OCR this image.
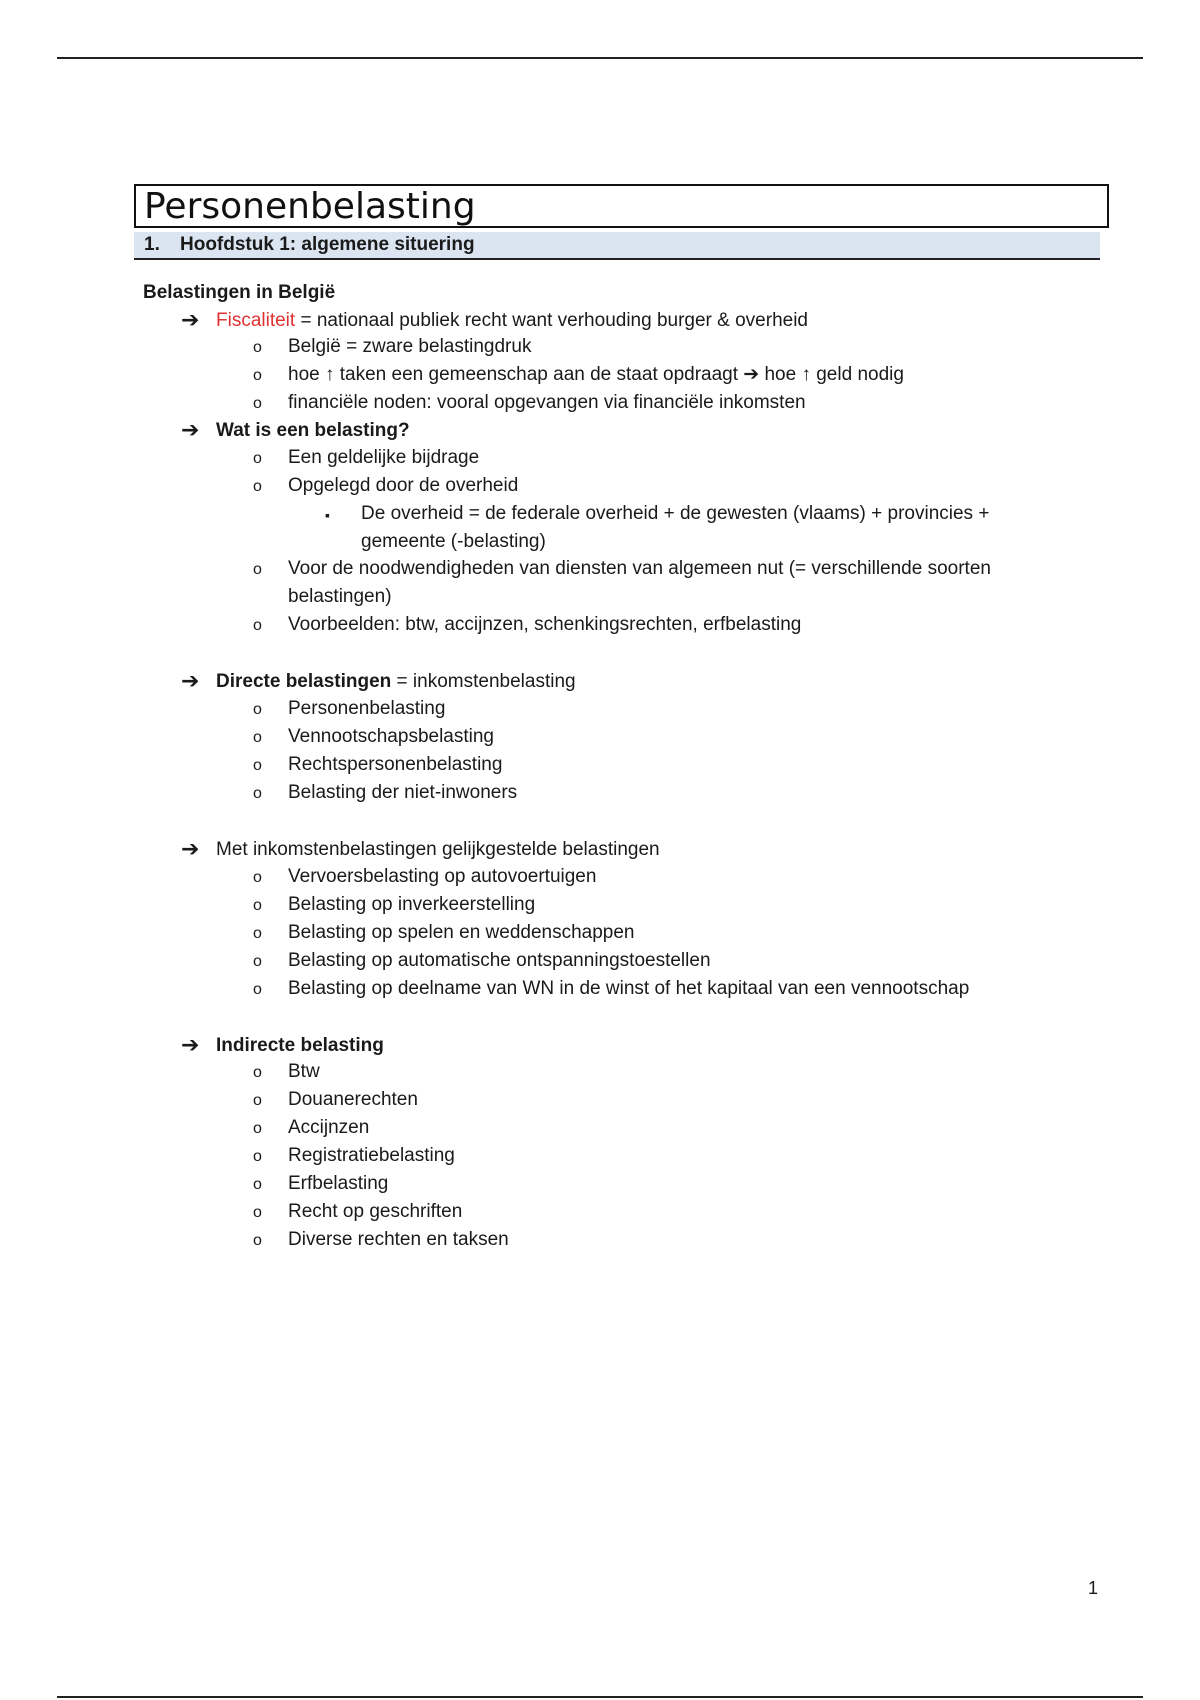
Personenbelasting
1. Hoofdstuk 1: algemene situering
Belastingen in België
➔ Fiscaliteit = nationaal publiek recht want verhouding burger & overheid
o België = zware belastingdruk
o hoe ↑ taken een gemeenschap aan de staat opdraagt ➔ hoe ↑ geld nodig
o financiële noden: vooral opgevangen via financiële inkomsten
➔ Wat is een belasting?
o Een geldelijke bijdrage
o Opgelegd door de overheid
▪ De overheid = de federale overheid + de gewesten (vlaams) + provincies +
gemeente (-belasting)
o Voor de noodwendigheden van diensten van algemeen nut (= verschillende soorten
belastingen)
o Voorbeelden: btw, accijnzen, schenkingsrechten, erfbelasting
➔ Directe belastingen = inkomstenbelasting
o Personenbelasting
o Vennootschapsbelasting
o Rechtspersonenbelasting
o Belasting der niet-inwoners
➔ Met inkomstenbelastingen gelijkgestelde belastingen
o Vervoersbelasting op autovoertuigen
o Belasting op inverkeerstelling
o Belasting op spelen en weddenschappen
o Belasting op automatische ontspanningstoestellen
o Belasting op deelname van WN in de winst of het kapitaal van een vennootschap
➔ Indirecte belasting
o Btw
o Douanerechten
o Accijnzen
o Registratiebelasting
o Erfbelasting
o Recht op geschriften
o Diverse rechten en taksen
1
